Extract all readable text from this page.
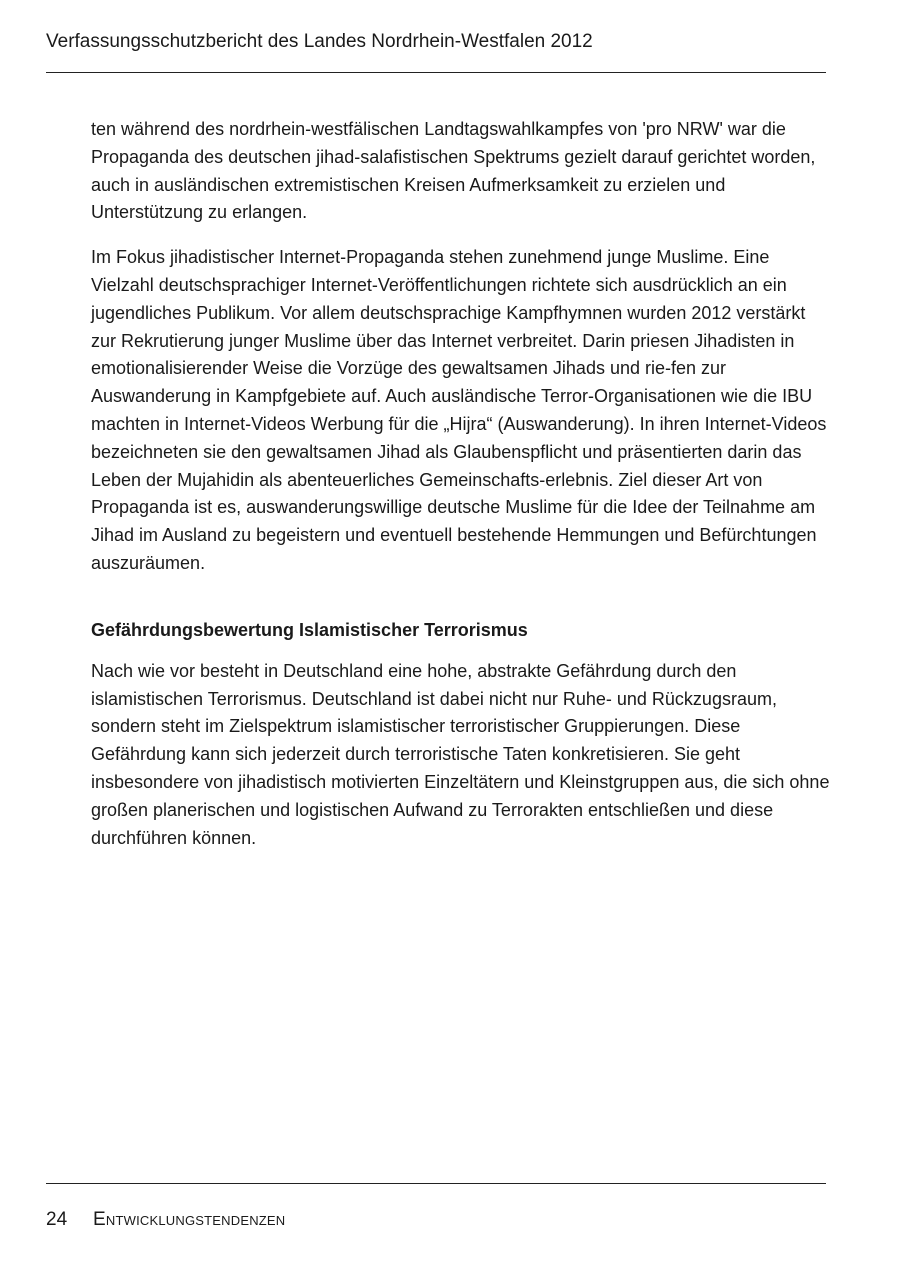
Verfassungsschutzbericht des Landes Nordrhein-Westfalen 2012

ten während des nordrhein-westfälischen Landtagswahlkampfes von 'pro NRW' war die Propaganda des deutschen jihad-salafistischen Spektrums gezielt darauf gerichtet worden, auch in ausländischen extremistischen Kreisen Aufmerksamkeit zu erzielen und Unterstützung zu erlangen.

Im Fokus jihadistischer Internet-Propaganda stehen zunehmend junge Muslime. Eine Vielzahl deutschsprachiger Internet-Veröffentlichungen richtete sich ausdrücklich an ein jugendliches Publikum. Vor allem deutschsprachige Kampfhymnen wurden 2012 verstärkt zur Rekrutierung junger Muslime über das Internet verbreitet. Darin priesen Jihadisten in emotionalisierender Weise die Vorzüge des gewaltsamen Jihads und rie-fen zur Auswanderung in Kampfgebiete auf. Auch ausländische Terror-Organisationen wie die IBU machten in Internet-Videos Werbung für die „Hijra“ (Auswanderung). In ihren Internet-Videos bezeichneten sie den gewaltsamen Jihad als Glaubenspflicht und präsentierten darin das Leben der Mujahidin als abenteuerliches Gemeinschafts-erlebnis. Ziel dieser Art von Propaganda ist es, auswanderungswillige deutsche Muslime für die Idee der Teilnahme am Jihad im Ausland zu begeistern und eventuell bestehende Hemmungen und Befürchtungen auszuräumen.

Gefährdungsbewertung Islamistischer Terrorismus

Nach wie vor besteht in Deutschland eine hohe, abstrakte Gefährdung durch den islamistischen Terrorismus. Deutschland ist dabei nicht nur Ruhe- und Rückzugsraum, sondern steht im Zielspektrum islamistischer terroristischer Gruppierungen. Diese Gefährdung kann sich jederzeit durch terroristische Taten konkretisieren. Sie geht insbesondere von jihadistisch motivierten Einzeltätern und Kleinstgruppen aus, die sich ohne großen planerischen und logistischen Aufwand zu Terrorakten entschließen und diese durchführen können.

24 Entwicklungstendenzen
